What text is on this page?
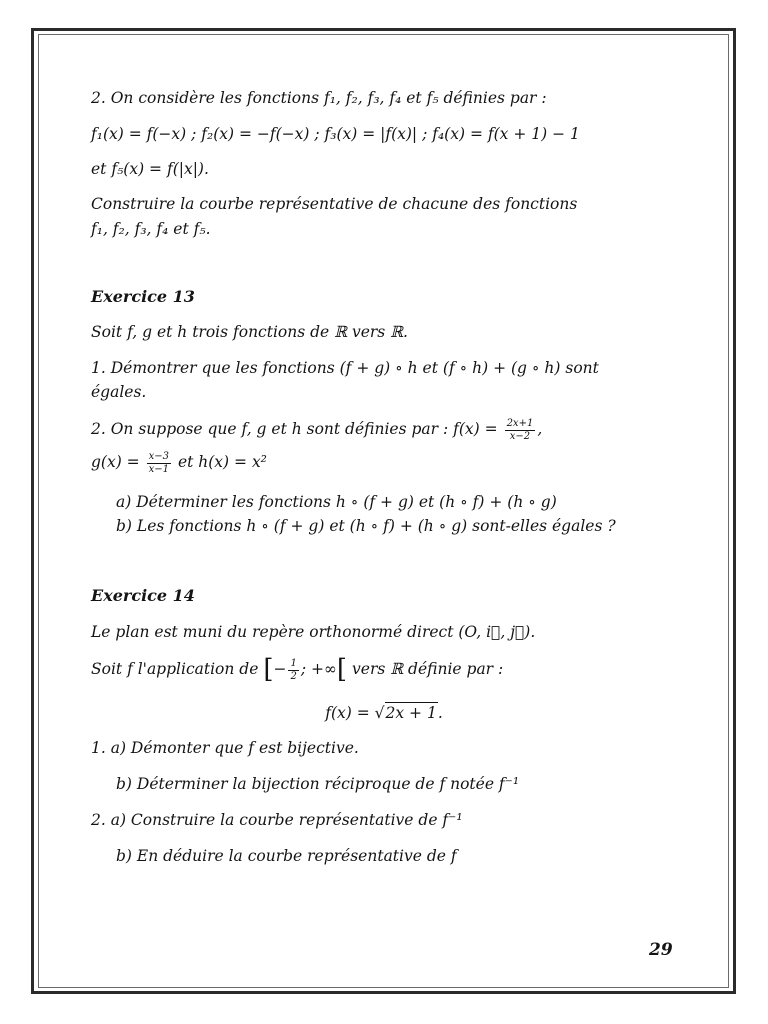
2. On considère les fonctions f₁, f₂, f₃, f₄ et f₅ définies par :
f₁(x) = f(−x) ; f₂(x) = −f(−x) ; f₃(x) = |f(x)| ; f₄(x) = f(x + 1) − 1
et f₅(x) = f(|x|).
Construire la courbe représentative de chacune des fonctions
f₁, f₂, f₃, f₄ et f₅.
Exercice 13
Soit f, g et h trois fonctions de ℝ vers ℝ.
1. Démontrer que les fonctions (f + g) ∘ h et (f ∘ h) + (g ∘ h) sont
égales.
2. On suppose que f, g et h sont définies par : $f(x) = \frac{2x+1}{x-2}$ ,
$g(x) = \frac{x-3}{x-1}$ et h(x) = x²
a) Déterminer les fonctions h ∘ (f + g) et (h ∘ f) + (h ∘ g)
b) Les fonctions h ∘ (f + g) et (h ∘ f) + (h ∘ g) sont-elles égales ?
Exercice 14
Le plan est muni du repère orthonormé direct (O, i⃗, j⃗).
Soit f l'application de [− $\frac{1}{2}$ ; +∞[ vers ℝ définie par :
f(x) = √2x + 1.
1. a) Démonter que f est bijective.
b) Déterminer la bijection réciproque de f notée f⁻¹
2. a) Construire la courbe représentative de f⁻¹
b) En déduire la courbe représentative de f
29
